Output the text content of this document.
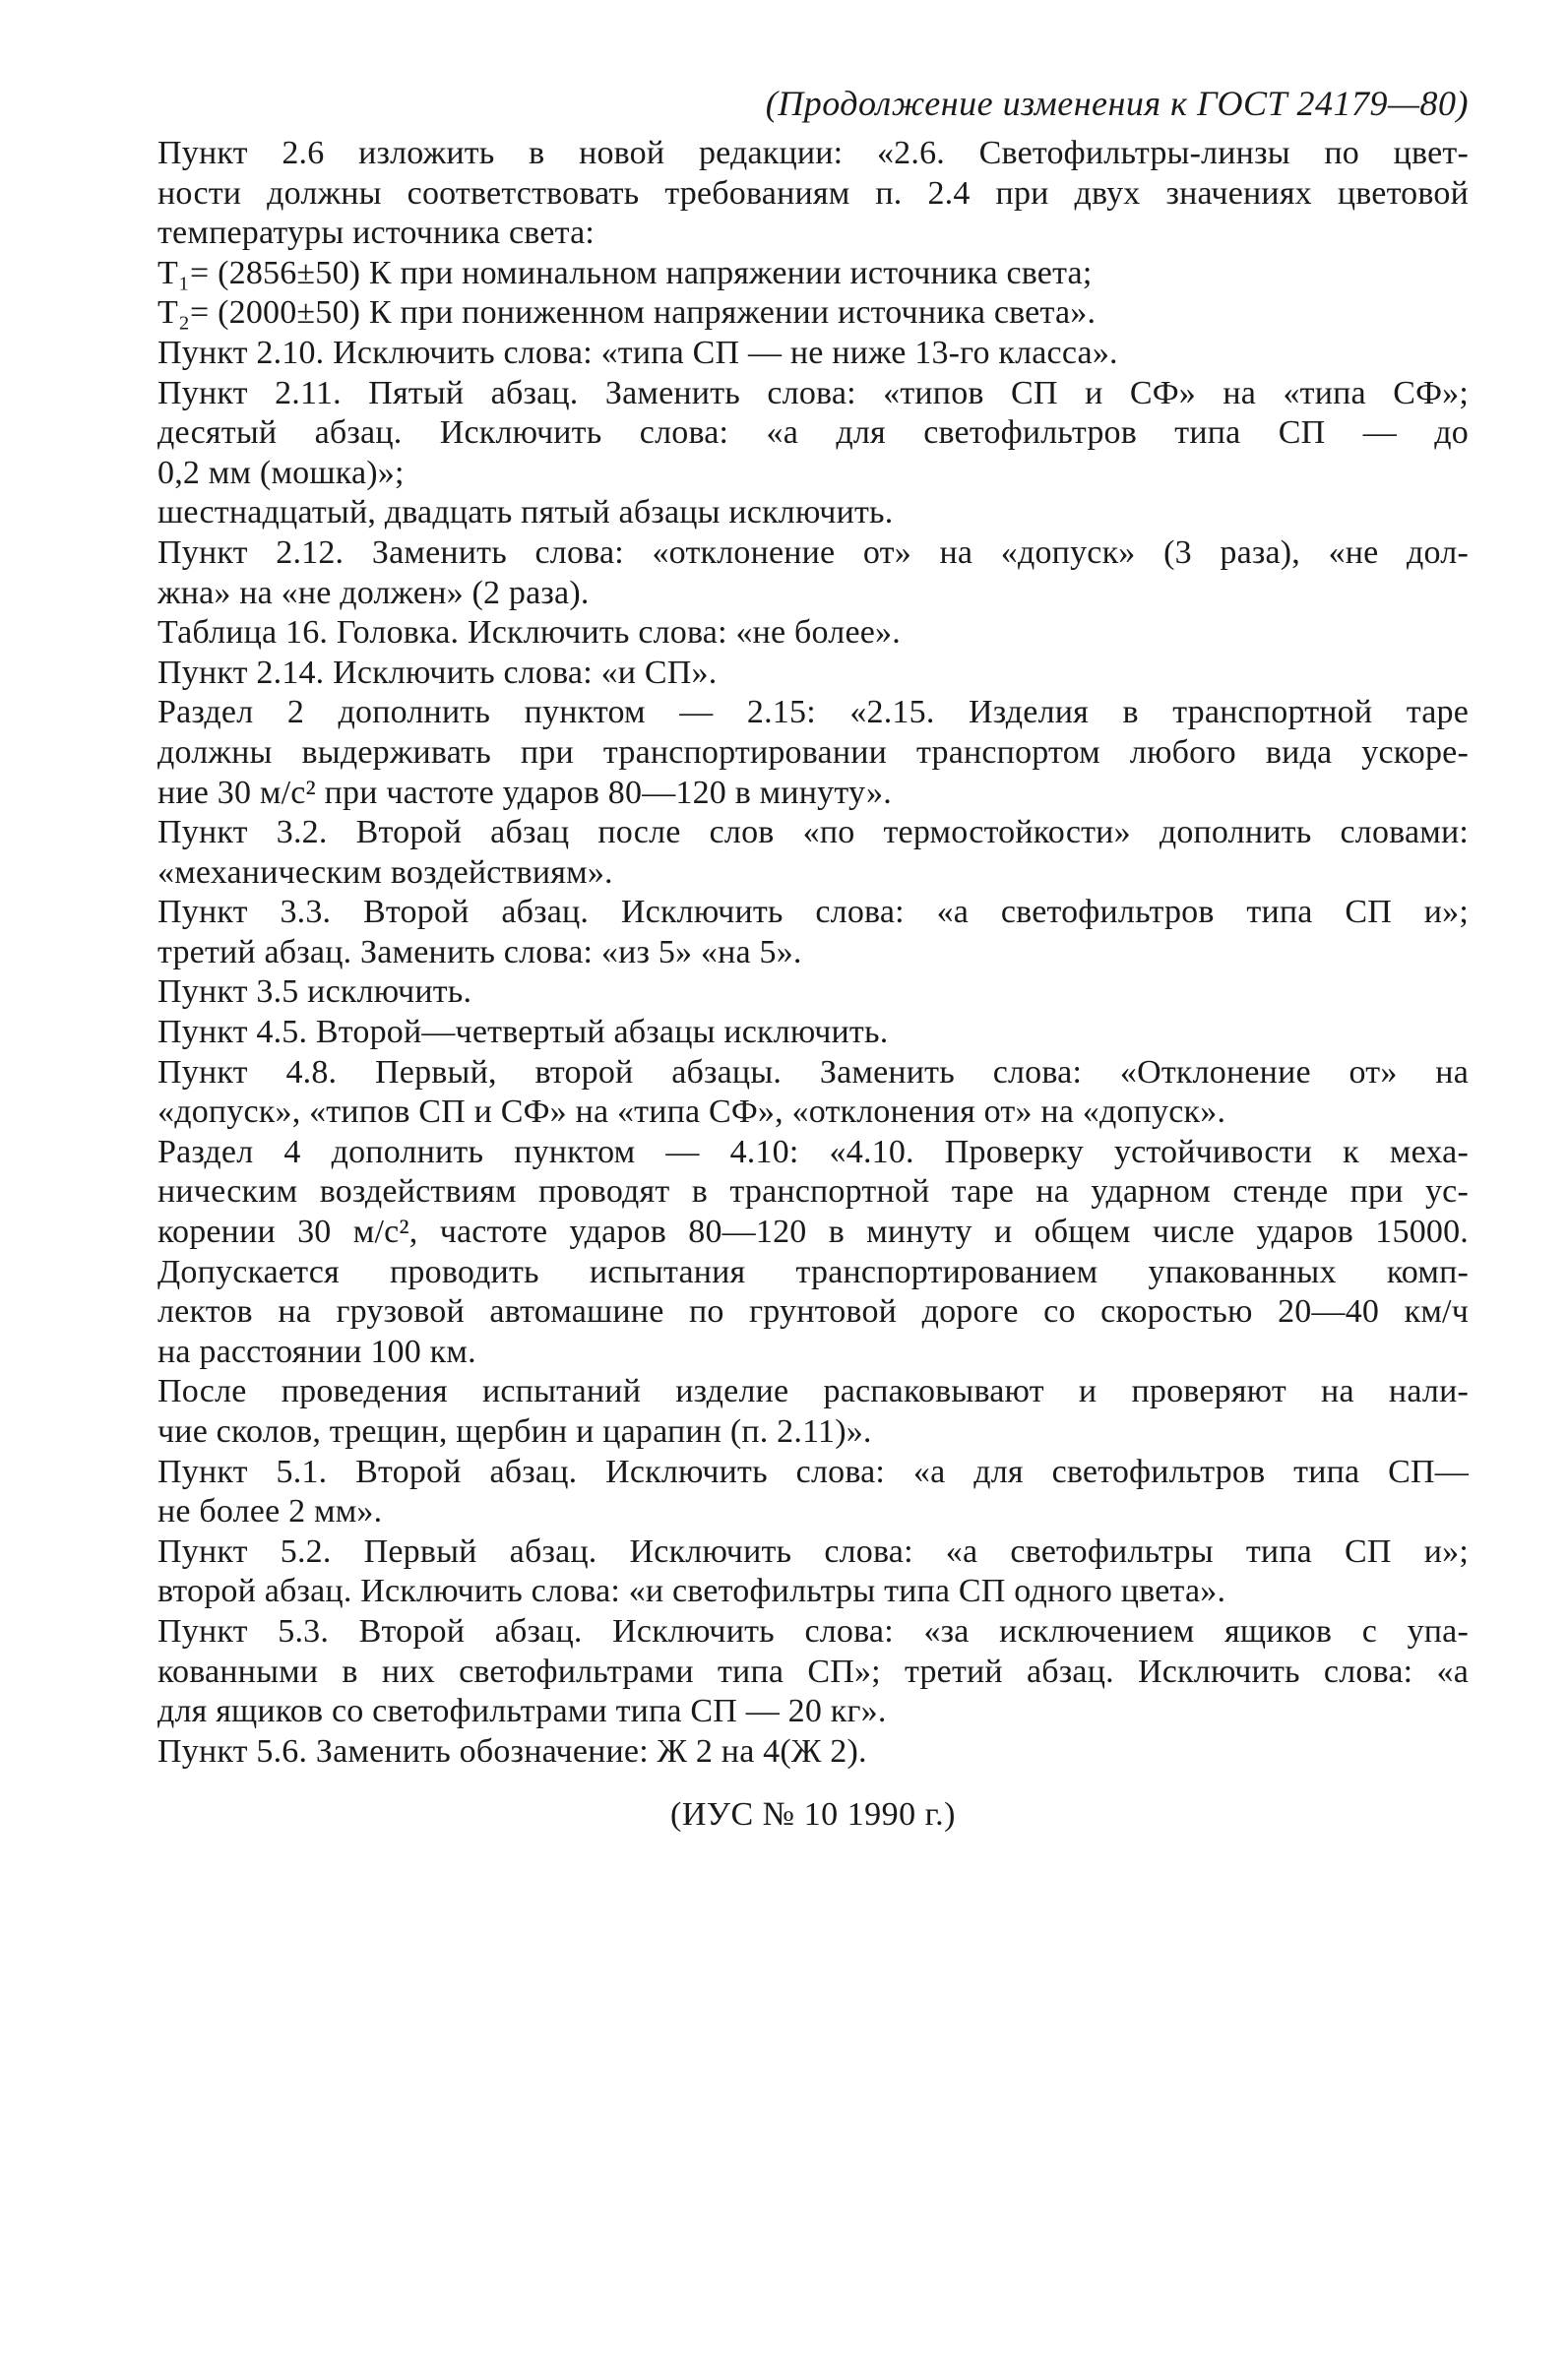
(Продолжение изменения к ГОСТ 24179—80)
Пункт 2.6 изложить в новой редакции: «2.6. Светофильтры-линзы по цвет-
ности должны соответствовать требованиям п. 2.4 при двух значениях цветовой
температуры источника света:
T₁= (2856±50) К при номинальном напряжении источника света;
T₂= (2000±50) К при пониженном напряжении источника света».
Пункт 2.10. Исключить слова: «типа СП — не ниже 13-го класса».
Пункт 2.11. Пятый абзац. Заменить слова: «типов СП и СФ» на «типа СФ»;
десятый абзац. Исключить слова: «а для светофильтров типа СП — до
0,2 мм (мошка)»;
шестнадцатый, двадцать пятый абзацы исключить.
Пункт 2.12. Заменить слова: «отклонение от» на «допуск» (3 раза), «не дол-
жна» на «не должен» (2 раза).
Таблица 16. Головка. Исключить слова: «не более».
Пункт 2.14. Исключить слова: «и СП».
Раздел 2 дополнить пунктом — 2.15: «2.15. Изделия в транспортной таре
должны выдерживать при транспортировании транспортом любого вида ускоре-
ние 30 м/с² при частоте ударов 80—120 в минуту».
Пункт 3.2. Второй абзац после слов «по термостойкости» дополнить словами:
«механическим воздействиям».
Пункт 3.3. Второй абзац. Исключить слова: «а светофильтров типа СП и»;
третий абзац. Заменить слова: «из 5» «на 5».
Пункт 3.5 исключить.
Пункт 4.5. Второй—четвертый абзацы исключить.
Пункт 4.8. Первый, второй абзацы. Заменить слова: «Отклонение от» на
«допуск», «типов СП и СФ» на «типа СФ», «отклонения от» на «допуск».
Раздел 4 дополнить пунктом — 4.10: «4.10. Проверку устойчивости к меха-
ническим воздействиям проводят в транспортной таре на ударном стенде при ус-
корении 30 м/с², частоте ударов 80—120 в минуту и общем числе ударов 15000.
Допускается проводить испытания транспортированием упакованных комп-
лектов на грузовой автомашине по грунтовой дороге со скоростью 20—40 км/ч
на расстоянии 100 км.
После проведения испытаний изделие распаковывают и проверяют на нали-
чие сколов, трещин, щербин и царапин (п. 2.11)».
Пункт 5.1. Второй абзац. Исключить слова: «а для светофильтров типа СП—
не более 2 мм».
Пункт 5.2. Первый абзац. Исключить слова: «а светофильтры типа СП и»;
второй абзац. Исключить слова: «и светофильтры типа СП одного цвета».
Пункт 5.3. Второй абзац. Исключить слова: «за исключением ящиков с упа-
кованными в них светофильтрами типа СП»; третий абзац. Исключить слова: «а
для ящиков со светофильтрами типа СП — 20 кг».
Пункт 5.6. Заменить обозначение: Ж 2 на 4(Ж 2).
(ИУС № 10 1990 г.)
